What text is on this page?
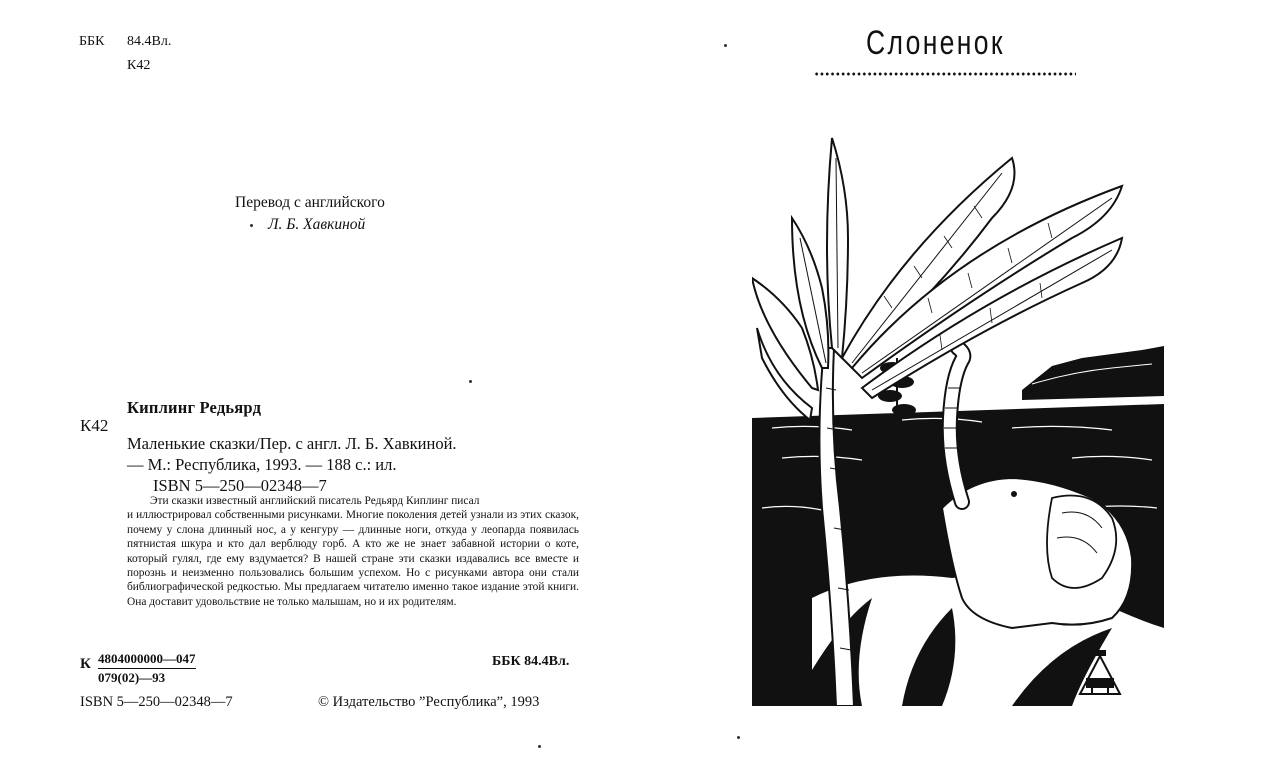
ББК 84.4Вл.
К42
Перевод с английского
Л. Б. Хавкиной
Киплинг Редьярд
К42
Маленькие сказки/Пер. с англ. Л. Б. Хавкиной.
— М.: Республика, 1993. — 188 с.: ил.
ISBN 5—250—02348—7
Эти сказки известный английский писатель Редьярд Киплинг писал
и иллюстрировал собственными рисунками. Многие поколения детей узнали из этих сказок, почему у слона длинный нос, а у кенгуру — длинные ноги, откуда у леопарда появилась пятнистая шкура и кто дал верблюду горб. А кто же не знает забавной истории о коте, который гулял, где ему вздумается? В нашей стране эти сказки издавались все вместе и порознь и неизменно пользовались большим успехом. Но с рисунками автора они стали библиографической редкостью. Мы предлагаем читателю именно такое издание этой книги. Она доставит удовольствие не только малышам, но и их родителям.
К $\frac{4804000000—047}{079(02)—93}$	ББК 84.4Вл.
ISBN 5—250—02348—7	© Издательство ”Республика”, 1993
Слоненок
